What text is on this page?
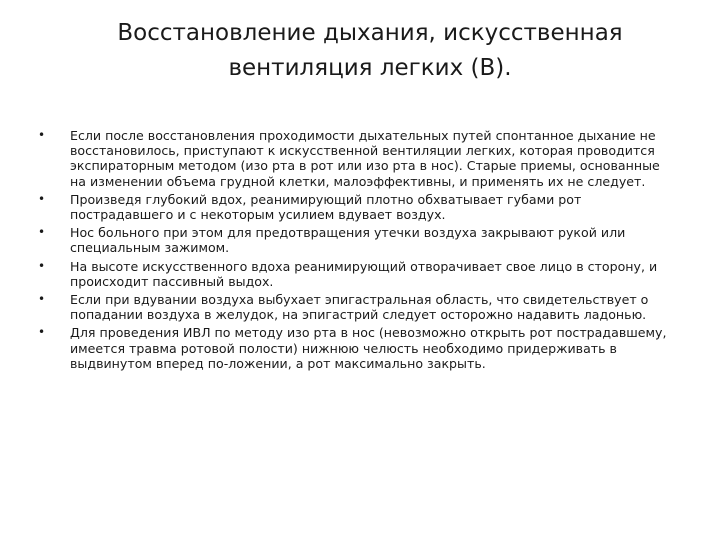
Восстановление дыхания, искусственная
вентиляция легких (В).
• Если после восстановления проходимости дыхательных путей спонтанное дыхание не восстановилось, приступают к искусственной вентиляции легких, которая проводится экспираторным методом (изо рта в рот или изо рта в нос). Старые приемы, основанные на изменении объема грудной клетки, малоэффективны, и применять их не следует.
• Произведя глубокий вдох, реанимирующий плотно обхватывает губами рот пострадавшего и с некоторым усилием вдувает воздух.
• Нос больного при этом для предотвращения утечки воздуха закрывают рукой или специальным зажимом.
• На высоте искусственного вдоха реанимирующий отворачивает свое лицо в сторону, и происходит пассивный выдох.
• Если при вдувании воздуха выбухает эпигастральная область, что свидетельствует о попадании воздуха в желудок, на эпигастрий следует осторожно надавить ладонью.
• Для проведения ИВЛ по методу изо рта в нос (невозможно открыть рот пострадавшему, имеется травма ротовой полости) нижнюю челюсть необходимо придерживать в выдвинутом вперед по-ложении, а рот максимально закрыть.
